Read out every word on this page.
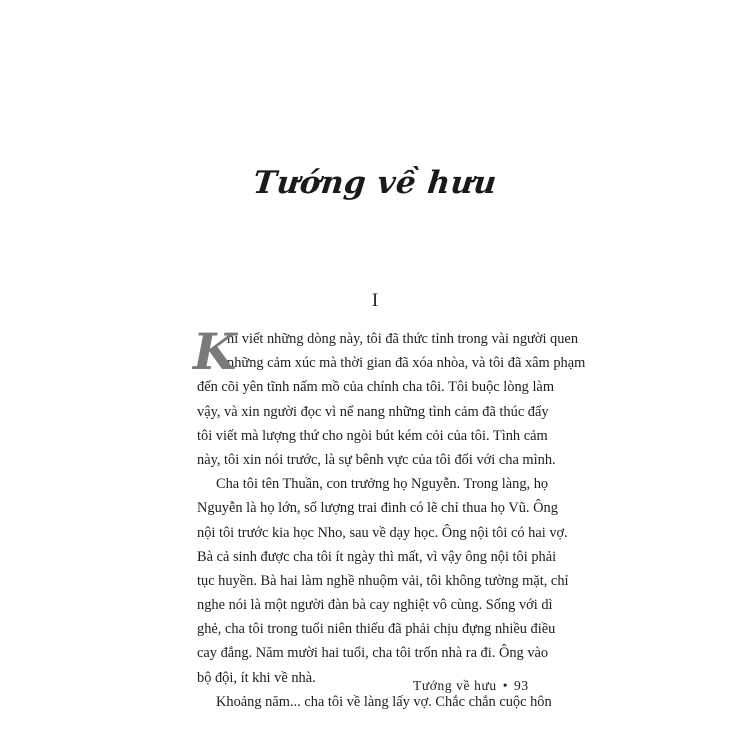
Tướng về hưu
I
K
hi viết những dòng này, tôi đã thức tỉnh trong vài người quen
những cảm xúc mà thời gian đã xóa nhòa, và tôi đã xâm phạm
đến cõi yên tĩnh nấm mồ của chính cha tôi. Tôi buộc lòng làm
vậy, và xin người đọc vì nể nang những tình cảm đã thúc đẩy
tôi viết mà lượng thứ cho ngòi bút kém cỏi của tôi. Tình cảm
này, tôi xin nói trước, là sự bênh vực của tôi đối với cha mình.
Cha tôi tên Thuần, con trưởng họ Nguyễn. Trong làng, họ
Nguyễn là họ lớn, số lượng trai đinh có lẽ chỉ thua họ Vũ. Ông
nội tôi trước kia học Nho, sau về dạy học. Ông nội tôi có hai vợ.
Bà cả sinh được cha tôi ít ngày thì mất, vì vậy ông nội tôi phải
tục huyền. Bà hai làm nghề nhuộm vải, tôi không tường mặt, chỉ
nghe nói là một người đàn bà cay nghiệt vô cùng. Sống với dì
ghẻ, cha tôi trong tuổi niên thiếu đã phải chịu đựng nhiều điều
cay đắng. Năm mười hai tuổi, cha tôi trốn nhà ra đi. Ông vào
bộ đội, ít khi về nhà.
Khoảng năm... cha tôi về làng lấy vợ. Chắc chắn cuộc hôn
Tướng về hưu • 93
